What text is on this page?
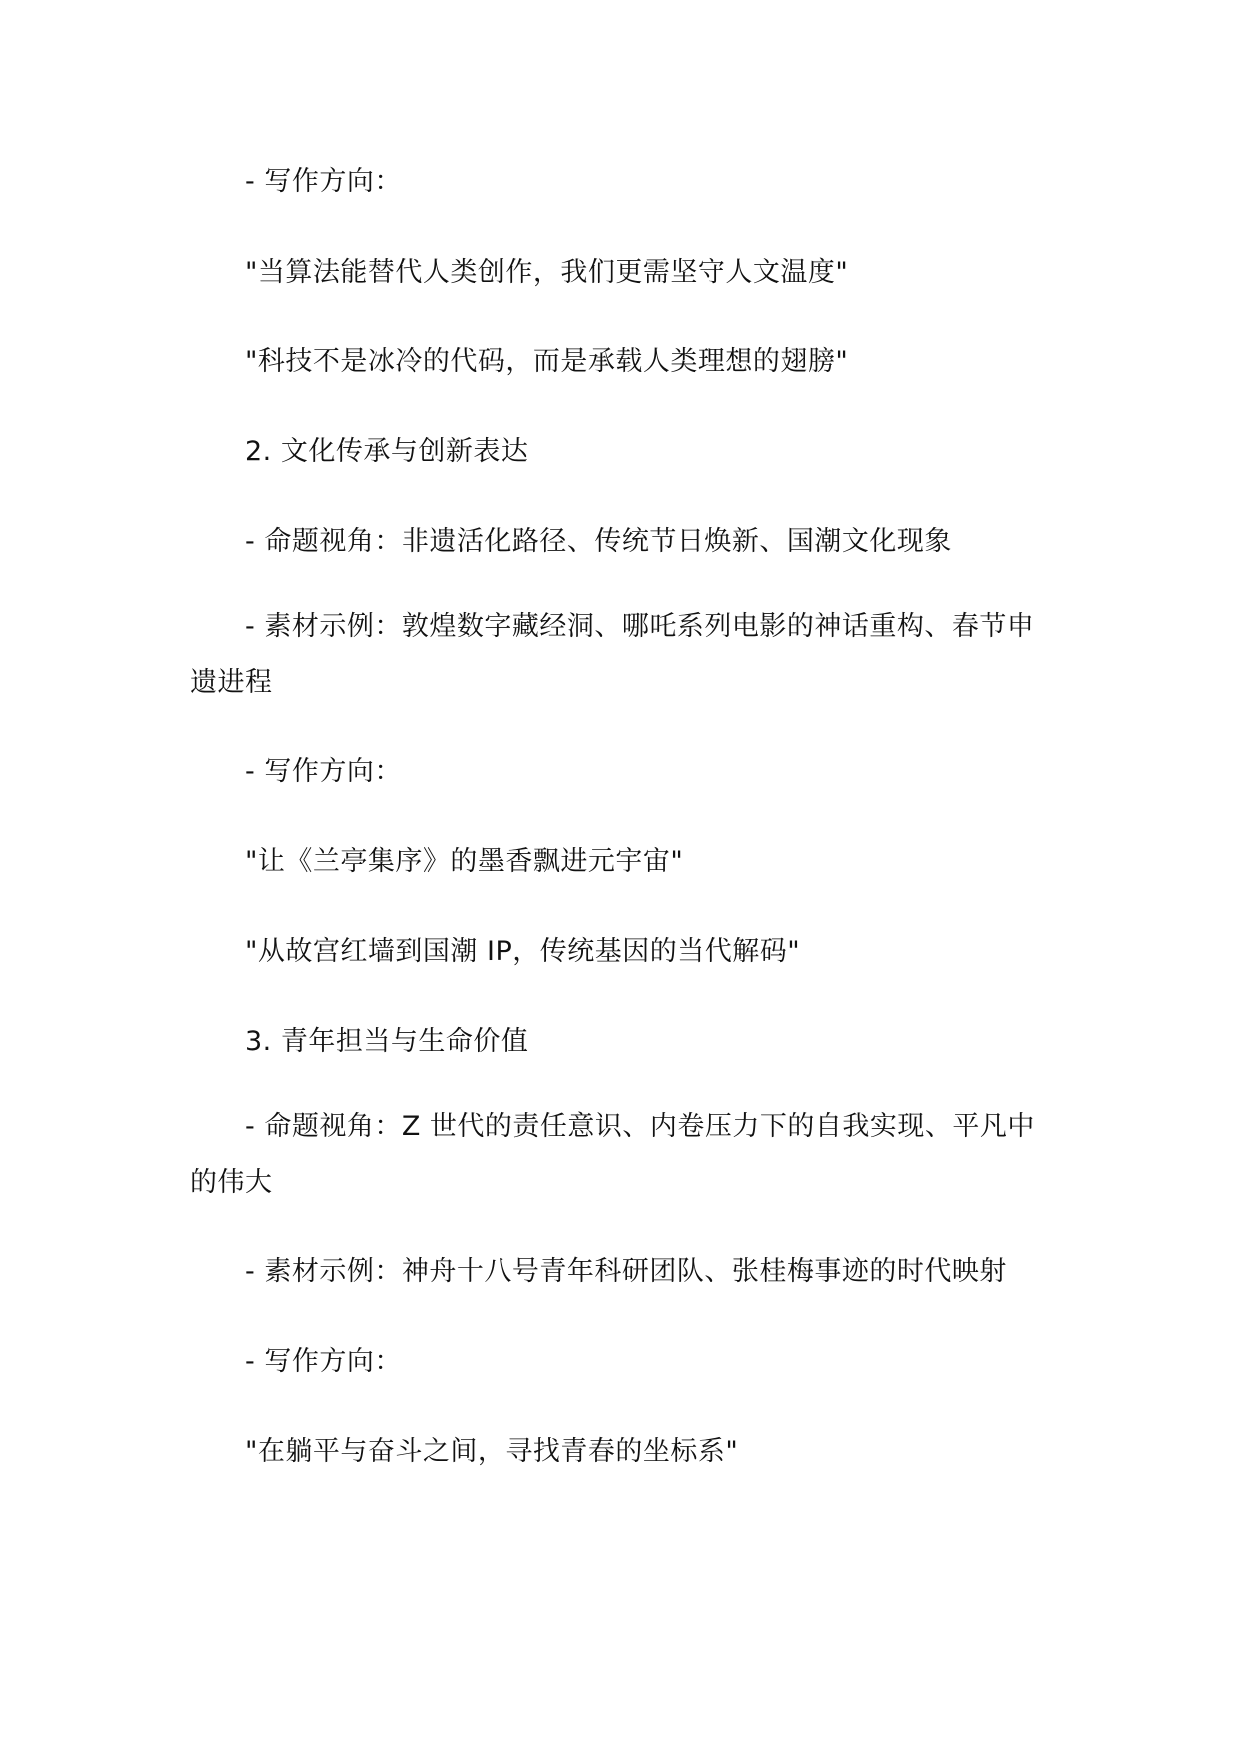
- 写作方向：
"当算法能替代人类创作，我们更需坚守人文温度"
"科技不是冰冷的代码，而是承载人类理想的翅膀"
2. 文化传承与创新表达
- 命题视角：非遗活化路径、传统节日焕新、国潮文化现象
- 素材示例：敦煌数字藏经洞、哪吒系列电影的神话重构、春节申遗进程
- 写作方向：
"让《兰亭集序》的墨香飘进元宇宙"
"从故宫红墙到国潮 IP，传统基因的当代解码"
3. 青年担当与生命价值
- 命题视角：Z 世代的责任意识、内卷压力下的自我实现、平凡中的伟大
- 素材示例：神舟十八号青年科研团队、张桂梅事迹的时代映射
- 写作方向：
"在躺平与奋斗之间，寻找青春的坐标系"
